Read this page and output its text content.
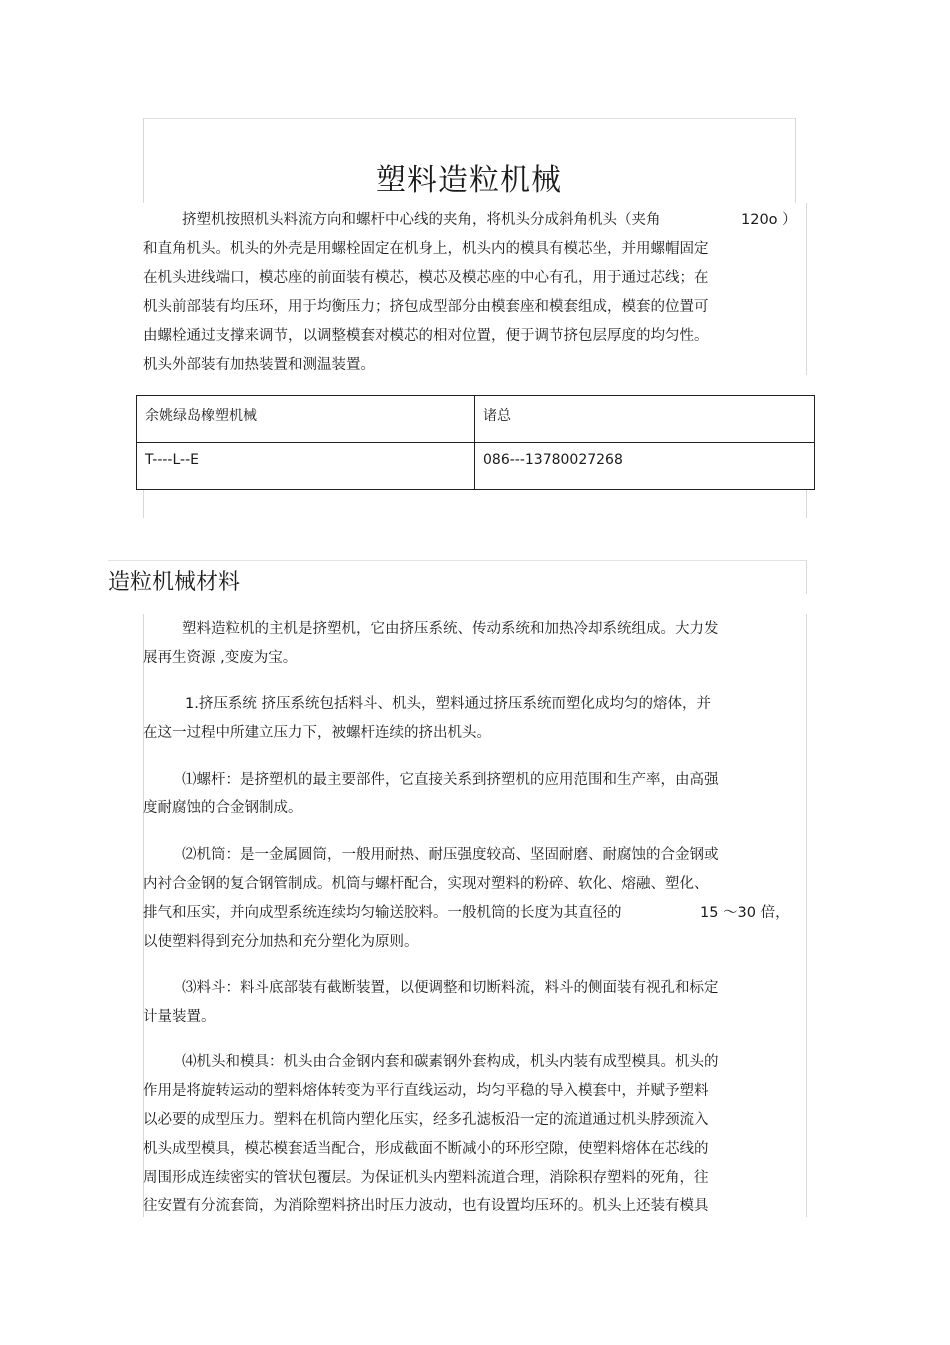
塑料造粒机械
挤塑机按照机头料流方向和螺杆中心线的夹角，将机头分成斜角机头（夹角	120o ）
和直角机头。机头的外壳是用螺栓固定在机身上，机头内的模具有模芯坐，并用螺帽固定
在机头进线端口，模芯座的前面装有模芯，模芯及模芯座的中心有孔，用于通过芯线；在
机头前部装有均压环，用于均衡压力；挤包成型部分由模套座和模套组成，模套的位置可
由螺栓通过支撑来调节，以调整模套对模芯的相对位置，便于调节挤包层厚度的均匀性。
机头外部装有加热装置和测温装置。
余姚绿岛橡塑机械	诸总

T----L--E	086---13780027268
造粒机械材料
塑料造粒机的主机是挤塑机，它由挤压系统、传动系统和加热冷却系统组成。大力发
展再生资源 ,变废为宝。
1.挤压系统 挤压系统包括料斗、机头，塑料通过挤压系统而塑化成均匀的熔体，并
在这一过程中所建立压力下，被螺杆连续的挤出机头。
⑴螺杆：是挤塑机的最主要部件，它直接关系到挤塑机的应用范围和生产率，由高强
度耐腐蚀的合金钢制成。
⑵机筒：是一金属圆筒，一般用耐热、耐压强度较高、坚固耐磨、耐腐蚀的合金钢或
内衬合金钢的复合钢管制成。机筒与螺杆配合，实现对塑料的粉碎、软化、熔融、塑化、
排气和压实，并向成型系统连续均匀输送胶料。一般机筒的长度为其直径的	15 ～30 倍，
以使塑料得到充分加热和充分塑化为原则。
⑶料斗：料斗底部装有截断装置，以便调整和切断料流，料斗的侧面装有视孔和标定
计量装置。
⑷机头和模具：机头由合金钢内套和碳素钢外套构成，机头内装有成型模具。机头的
作用是将旋转运动的塑料熔体转变为平行直线运动，均匀平稳的导入模套中，并赋予塑料
以必要的成型压力。塑料在机筒内塑化压实，经多孔滤板沿一定的流道通过机头脖颈流入
机头成型模具，模芯模套适当配合，形成截面不断减小的环形空隙，使塑料熔体在芯线的
周围形成连续密实的管状包覆层。为保证机头内塑料流道合理，消除积存塑料的死角，往
往安置有分流套筒，为消除塑料挤出时压力波动，也有设置均压环的。机头上还装有模具
